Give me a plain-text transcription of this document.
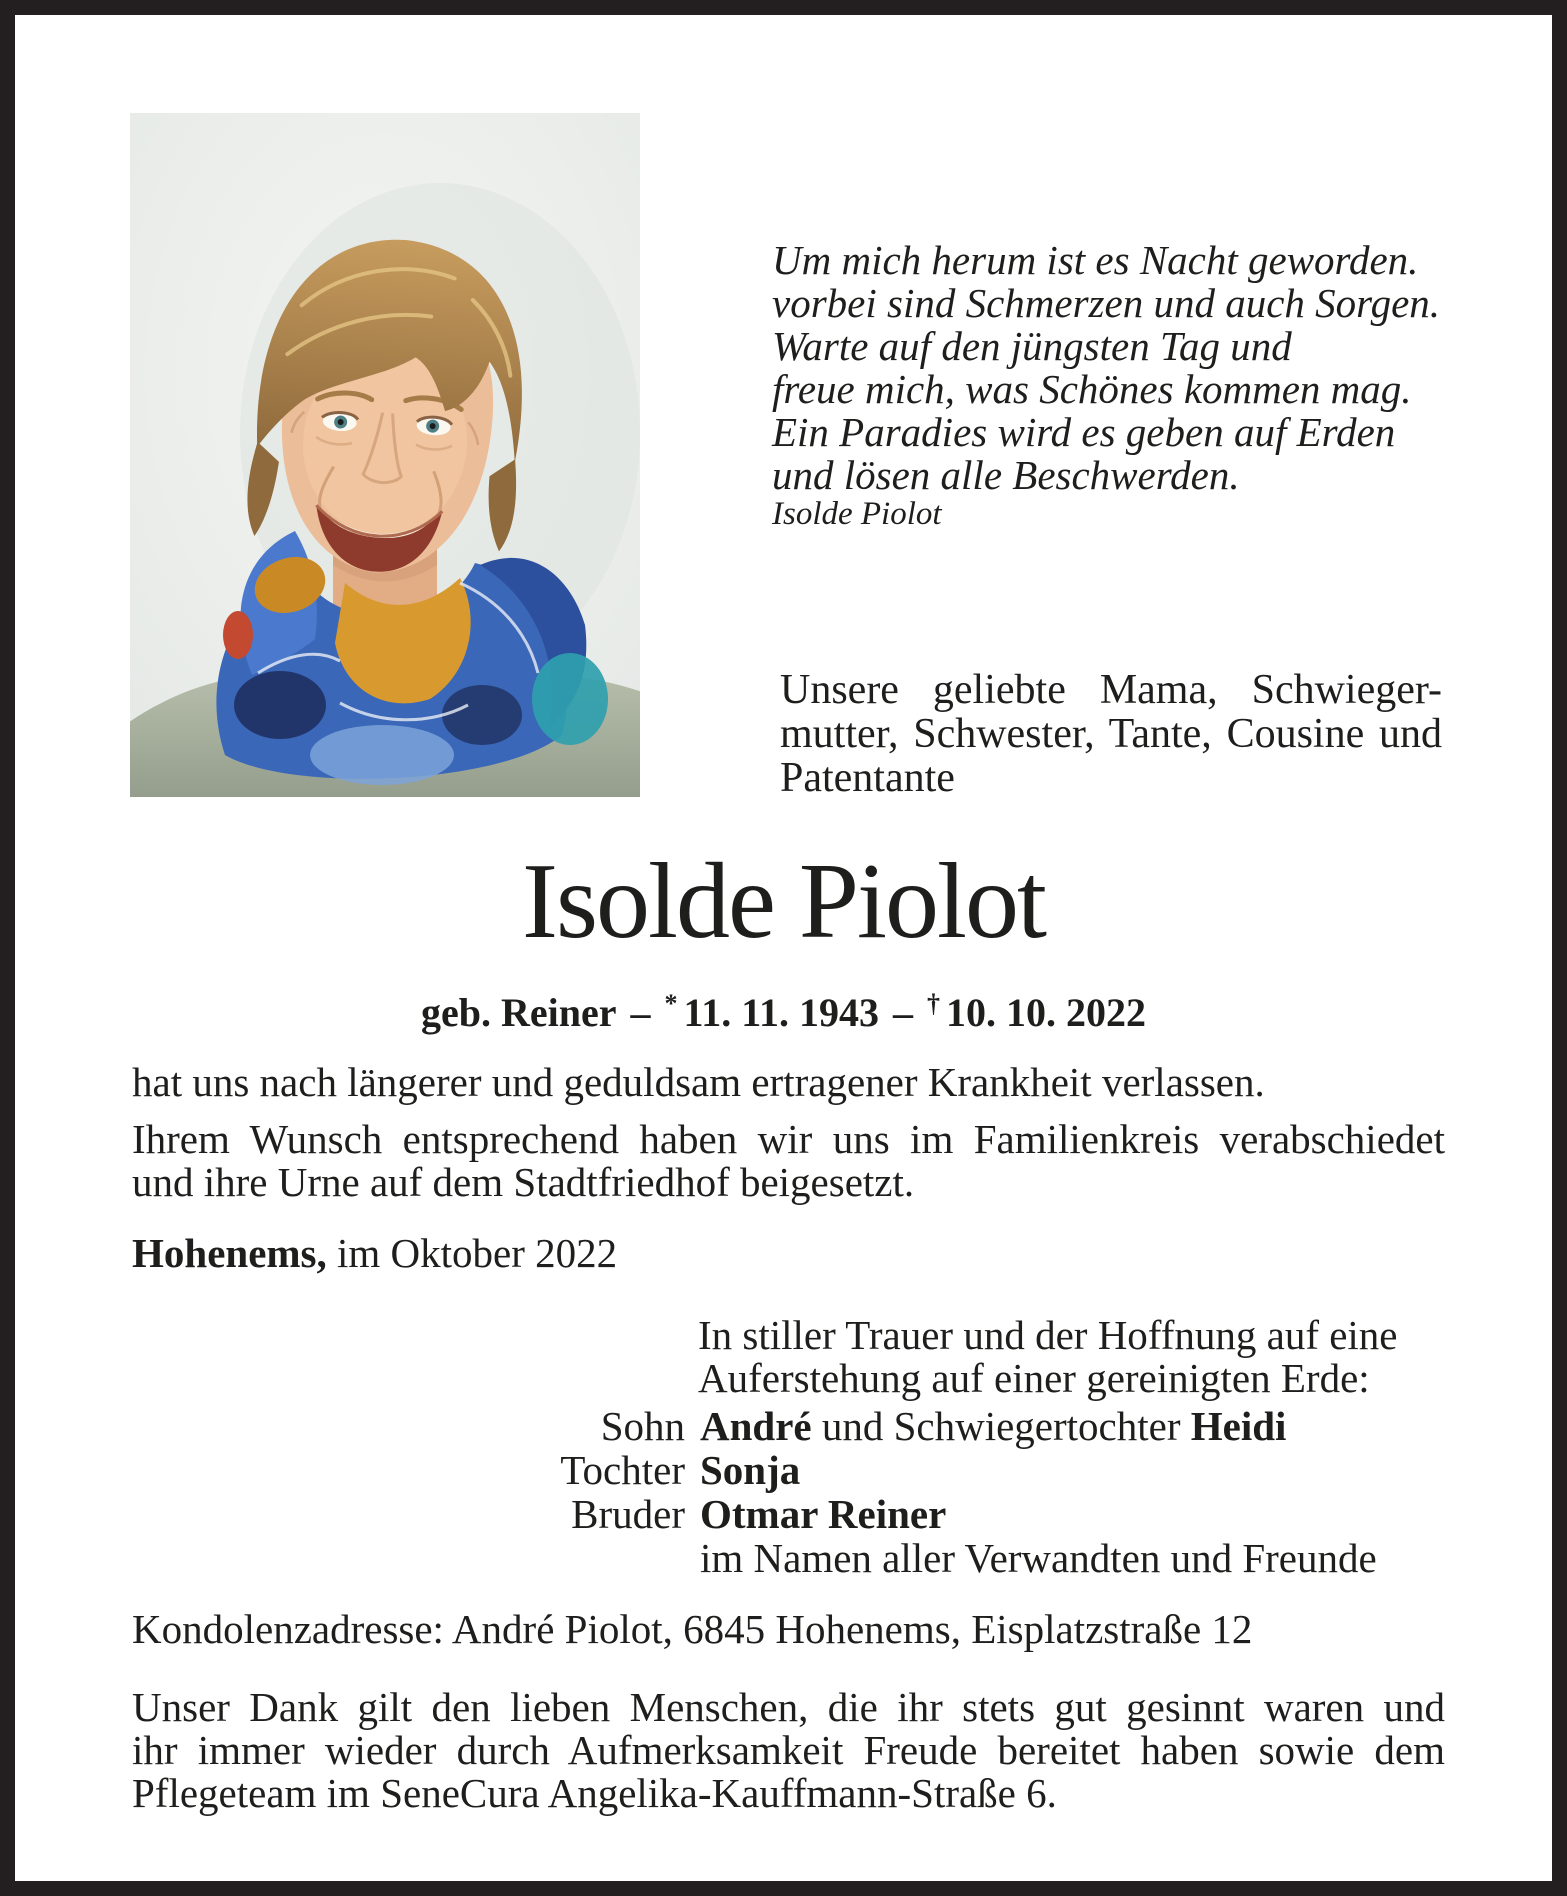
Um mich herum ist es Nacht geworden.
vorbei sind Schmerzen und auch Sorgen.
Warte auf den jüngsten Tag und
freue mich, was Schönes kommen mag.
Ein Paradies wird es geben auf Erden
und lösen alle Beschwerden.
Isolde Piolot
Unsere geliebte Mama, Schwieger-
mutter, Schwester, Tante, Cousine und
Patentante
Isolde Piolot
geb. Reiner – * 11. 11. 1943 – † 10. 10. 2022
hat uns nach längerer und geduldsam ertragener Krankheit verlassen.
Ihrem Wunsch entsprechend haben wir uns im Familienkreis verabschiedet
und ihre Urne auf dem Stadtfriedhof beigesetzt.
Hohenems, im Oktober 2022
In stiller Trauer und der Hoffnung auf eine
Auferstehung auf einer gereinigten Erde:
Sohn André und Schwiegertochter Heidi
Tochter Sonja
Bruder Otmar Reiner
im Namen aller Verwandten und Freunde
Kondolenzadresse: André Piolot, 6845 Hohenems, Eisplatzstraße 12
Unser Dank gilt den lieben Menschen, die ihr stets gut gesinnt waren und
ihr immer wieder durch Aufmerksamkeit Freude bereitet haben sowie dem
Pflegeteam im SeneCura Angelika-Kauffmann-Straße 6.
